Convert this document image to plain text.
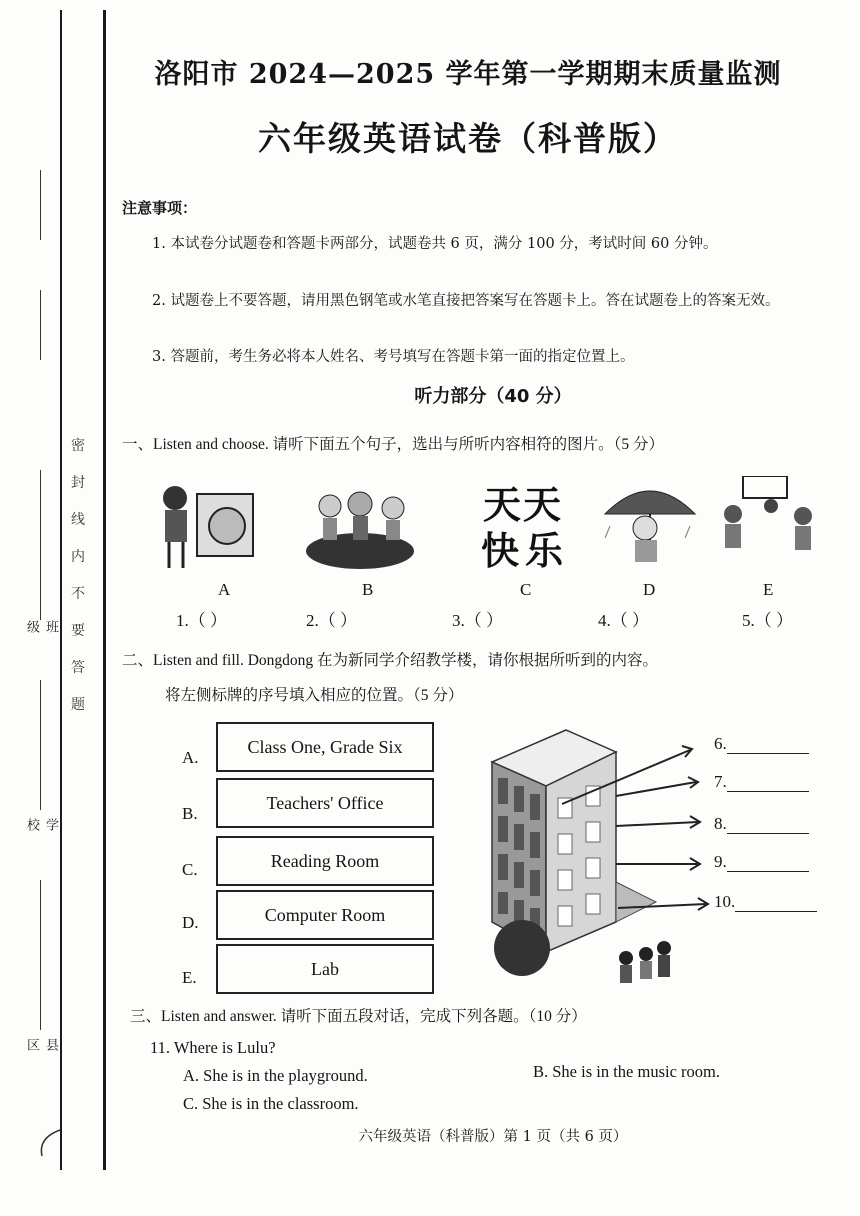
班级
学校
县区
密
封
线
内
不
要
答
题
洛阳市 2024—2025 学年第一学期期末质量监测
六年级英语试卷（科普版）
注意事项：
1. 本试卷分试题卷和答题卡两部分，试题卷共 6 页，满分 100 分，考试时间 60 分钟。
2. 试题卷上不要答题，请用黑色钢笔或水笔直接把答案写在答题卡上。答在试题卷上的答案无效。
3. 答题前，考生务必将本人姓名、考号填写在答题卡第一面的指定位置上。
听力部分（40 分）
一、Listen and choose. 请听下面五个句子，选出与所听内容相符的图片。（5 分）
天 天
快 乐
A	B	C	D	E
1.（ ）	2.（ ）	3.（ ）	4.（ ）	5.（ ）
二、Listen and fill. Dongdong 在为新同学介绍教学楼，请你根据所听到的内容。
将左侧标牌的序号填入相应的位置。（5 分）
A.
Class One, Grade Six
B.
Teachers' Office
C.	Reading Room
D.	Computer Room
E.	Lab
6.
7.
8.
9.
10.
三、Listen and answer. 请听下面五段对话，完成下列各题。（10 分）
11. Where is Lulu?
A. She is in the playground.	B. She is in the music room.
C. She is in the classroom.
六年级英语（科普版）第 1 页（共 6 页）
